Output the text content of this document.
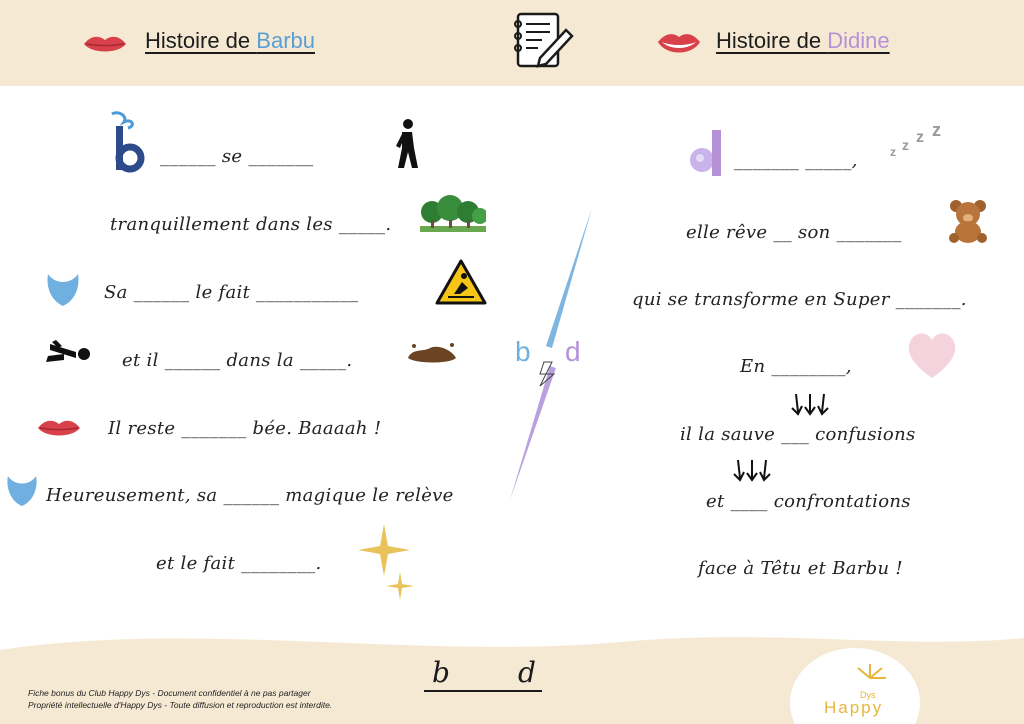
Histoire de Barbu	Histoire de Didine
______ se _______
tranquillement dans les _____.
Sa ______ le fait ___________
et il ______ dans la _____.
Il reste _______ bée. Baaaah !
Heureusement, sa ______ magique le relève
et le fait ________.
b d
_______ _____,	z z z z
elle rêve __ son _______
qui se transforme en Super _______.
En ________,
il la sauve ___ confusions
et ____ confrontations
face à Têtu et Barbu !
b d
Fiche bonus du Club Happy Dys - Document confidentiel à ne pas partager
Propriété intellectuelle d'Happy Dys - Toute diffusion et reproduction est interdite.
Dys
Happy
